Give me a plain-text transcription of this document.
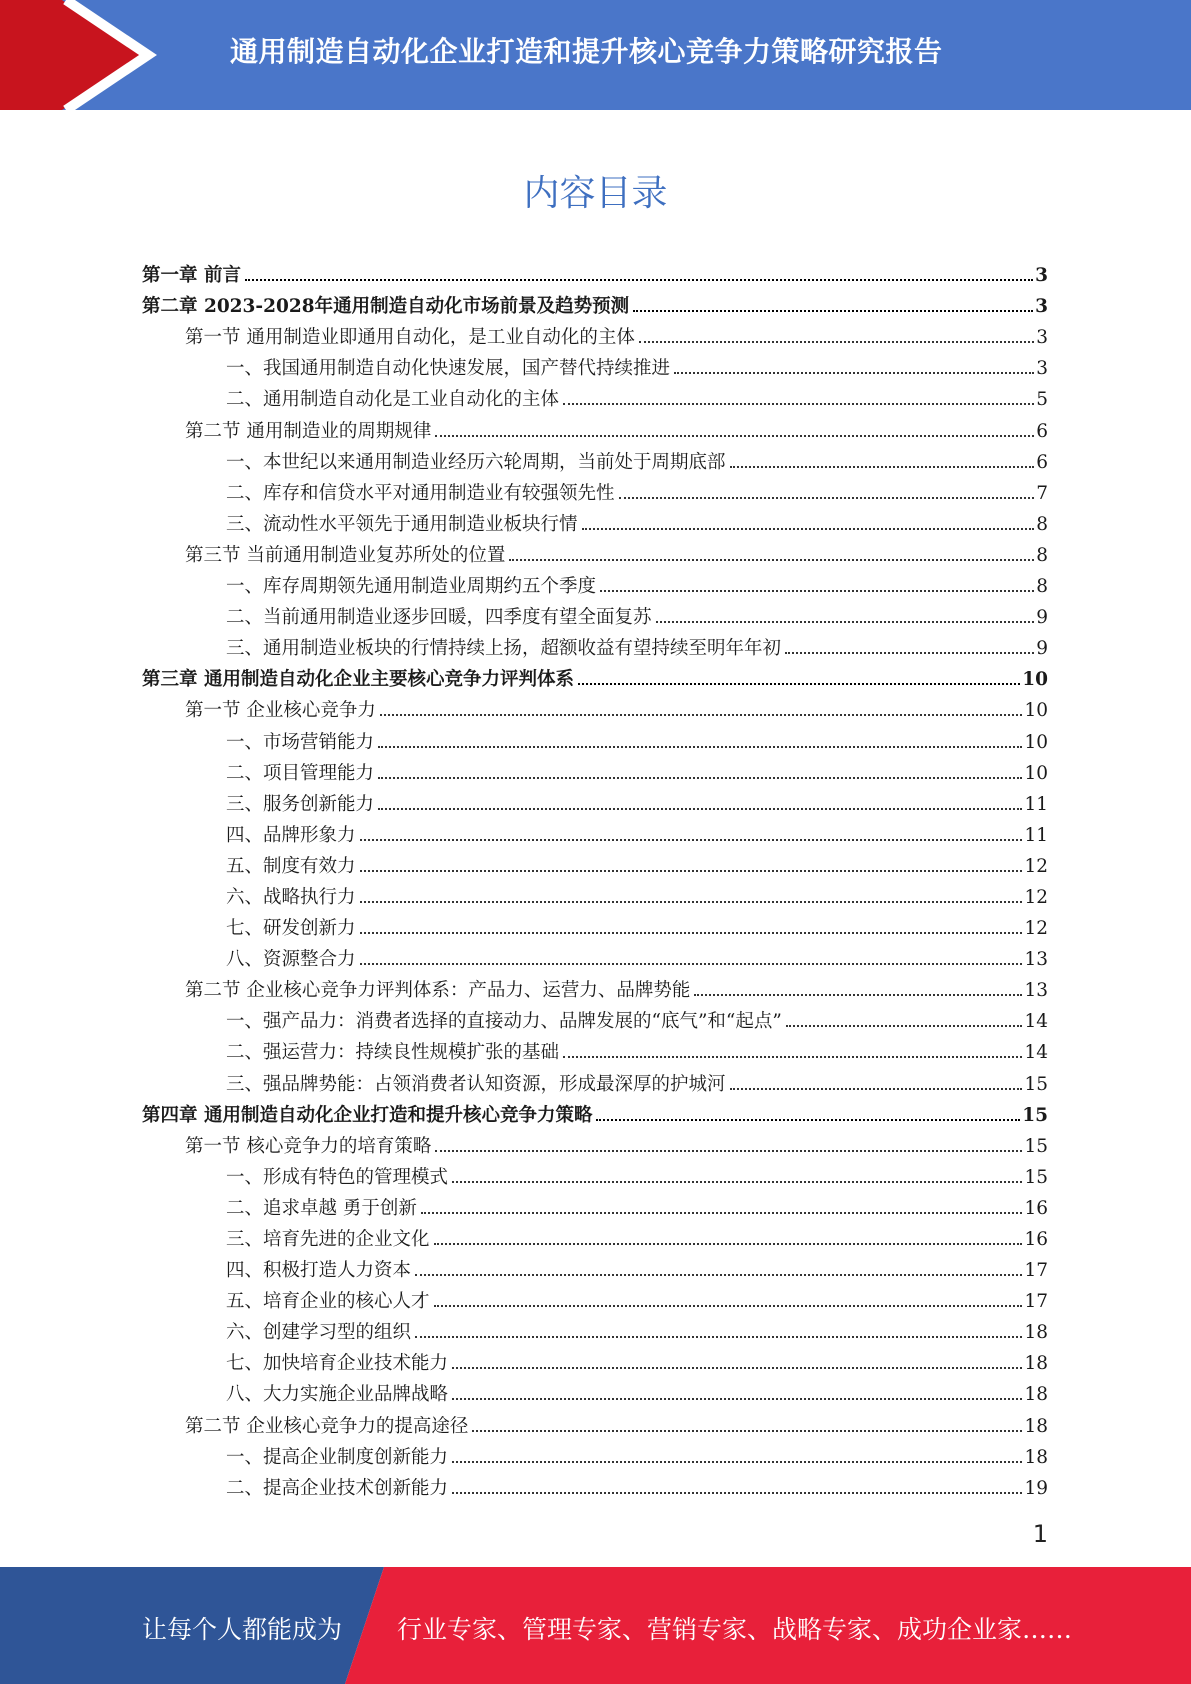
通用制造自动化企业打造和提升核心竞争力策略研究报告
内容目录
第一章 前言	3
第二章 2023-2028年通用制造自动化市场前景及趋势预测	3
第一节 通用制造业即通用自动化，是工业自动化的主体	3
一、我国通用制造自动化快速发展，国产替代持续推进	3
二、通用制造自动化是工业自动化的主体	5
第二节 通用制造业的周期规律	6
一、本世纪以来通用制造业经历六轮周期，当前处于周期底部	6
二、库存和信贷水平对通用制造业有较强领先性	7
三、流动性水平领先于通用制造业板块行情	8
第三节 当前通用制造业复苏所处的位置	8
一、库存周期领先通用制造业周期约五个季度	8
二、当前通用制造业逐步回暖，四季度有望全面复苏	9
三、通用制造业板块的行情持续上扬，超额收益有望持续至明年年初	9
第三章 通用制造自动化企业主要核心竞争力评判体系	10
第一节 企业核心竞争力	10
一、市场营销能力	10
二、项目管理能力	10
三、服务创新能力	11
四、品牌形象力	11
五、制度有效力	12
六、战略执行力	12
七、研发创新力	12
八、资源整合力	13
第二节 企业核心竞争力评判体系：产品力、运营力、品牌势能	13
一、强产品力：消费者选择的直接动力、品牌发展的“底气”和“起点”	14
二、强运营力：持续良性规模扩张的基础	14
三、强品牌势能：占领消费者认知资源，形成最深厚的护城河	15
第四章 通用制造自动化企业打造和提升核心竞争力策略	15
第一节 核心竞争力的培育策略	15
一、形成有特色的管理模式	15
二、追求卓越 勇于创新	16
三、培育先进的企业文化	16
四、积极打造人力资本	17
五、培育企业的核心人才	17
六、创建学习型的组织	18
七、加快培育企业技术能力	18
八、大力实施企业品牌战略	18
第二节 企业核心竞争力的提高途径	18
一、提高企业制度创新能力	18
二、提高企业技术创新能力	19
1
让每个人都能成为 行业专家、管理专家、营销专家、战略专家、成功企业家……
